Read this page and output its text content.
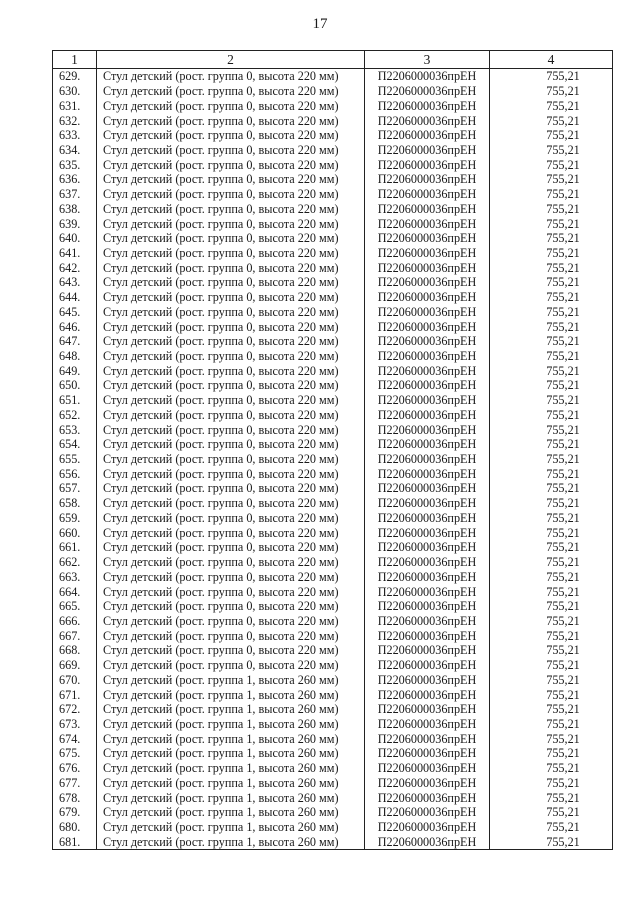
17
1	2	3	4
629.	Стул детский (рост. группа 0, высота 220 мм)	П2206000036прЕН	755,21
630.	Стул детский (рост. группа 0, высота 220 мм)	П2206000036прЕН	755,21
631.	Стул детский (рост. группа 0, высота 220 мм)	П2206000036прЕН	755,21
632.	Стул детский (рост. группа 0, высота 220 мм)	П2206000036прЕН	755,21
633.	Стул детский (рост. группа 0, высота 220 мм)	П2206000036прЕН	755,21
634.	Стул детский (рост. группа 0, высота 220 мм)	П2206000036прЕН	755,21
635.	Стул детский (рост. группа 0, высота 220 мм)	П2206000036прЕН	755,21
636.	Стул детский (рост. группа 0, высота 220 мм)	П2206000036прЕН	755,21
637.	Стул детский (рост. группа 0, высота 220 мм)	П2206000036прЕН	755,21
638.	Стул детский (рост. группа 0, высота 220 мм)	П2206000036прЕН	755,21
639.	Стул детский (рост. группа 0, высота 220 мм)	П2206000036прЕН	755,21
640.	Стул детский (рост. группа 0, высота 220 мм)	П2206000036прЕН	755,21
641.	Стул детский (рост. группа 0, высота 220 мм)	П2206000036прЕН	755,21
642.	Стул детский (рост. группа 0, высота 220 мм)	П2206000036прЕН	755,21
643.	Стул детский (рост. группа 0, высота 220 мм)	П2206000036прЕН	755,21
644.	Стул детский (рост. группа 0, высота 220 мм)	П2206000036прЕН	755,21
645.	Стул детский (рост. группа 0, высота 220 мм)	П2206000036прЕН	755,21
646.	Стул детский (рост. группа 0, высота 220 мм)	П2206000036прЕН	755,21
647.	Стул детский (рост. группа 0, высота 220 мм)	П2206000036прЕН	755,21
648.	Стул детский (рост. группа 0, высота 220 мм)	П2206000036прЕН	755,21
649.	Стул детский (рост. группа 0, высота 220 мм)	П2206000036прЕН	755,21
650.	Стул детский (рост. группа 0, высота 220 мм)	П2206000036прЕН	755,21
651.	Стул детский (рост. группа 0, высота 220 мм)	П2206000036прЕН	755,21
652.	Стул детский (рост. группа 0, высота 220 мм)	П2206000036прЕН	755,21
653.	Стул детский (рост. группа 0, высота 220 мм)	П2206000036прЕН	755,21
654.	Стул детский (рост. группа 0, высота 220 мм)	П2206000036прЕН	755,21
655.	Стул детский (рост. группа 0, высота 220 мм)	П2206000036прЕН	755,21
656.	Стул детский (рост. группа 0, высота 220 мм)	П2206000036прЕН	755,21
657.	Стул детский (рост. группа 0, высота 220 мм)	П2206000036прЕН	755,21
658.	Стул детский (рост. группа 0, высота 220 мм)	П2206000036прЕН	755,21
659.	Стул детский (рост. группа 0, высота 220 мм)	П2206000036прЕН	755,21
660.	Стул детский (рост. группа 0, высота 220 мм)	П2206000036прЕН	755,21
661.	Стул детский (рост. группа 0, высота 220 мм)	П2206000036прЕН	755,21
662.	Стул детский (рост. группа 0, высота 220 мм)	П2206000036прЕН	755,21
663.	Стул детский (рост. группа 0, высота 220 мм)	П2206000036прЕН	755,21
664.	Стул детский (рост. группа 0, высота 220 мм)	П2206000036прЕН	755,21
665.	Стул детский (рост. группа 0, высота 220 мм)	П2206000036прЕН	755,21
666.	Стул детский (рост. группа 0, высота 220 мм)	П2206000036прЕН	755,21
667.	Стул детский (рост. группа 0, высота 220 мм)	П2206000036прЕН	755,21
668.	Стул детский (рост. группа 0, высота 220 мм)	П2206000036прЕН	755,21
669.	Стул детский (рост. группа 0, высота 220 мм)	П2206000036прЕН	755,21
670.	Стул детский (рост. группа 1, высота 260 мм)	П2206000036прЕН	755,21
671.	Стул детский (рост. группа 1, высота 260 мм)	П2206000036прЕН	755,21
672.	Стул детский (рост. группа 1, высота 260 мм)	П2206000036прЕН	755,21
673.	Стул детский (рост. группа 1, высота 260 мм)	П2206000036прЕН	755,21
674.	Стул детский (рост. группа 1, высота 260 мм)	П2206000036прЕН	755,21
675.	Стул детский (рост. группа 1, высота 260 мм)	П2206000036прЕН	755,21
676.	Стул детский (рост. группа 1, высота 260 мм)	П2206000036прЕН	755,21
677.	Стул детский (рост. группа 1, высота 260 мм)	П2206000036прЕН	755,21
678.	Стул детский (рост. группа 1, высота 260 мм)	П2206000036прЕН	755,21
679.	Стул детский (рост. группа 1, высота 260 мм)	П2206000036прЕН	755,21
680.	Стул детский (рост. группа 1, высота 260 мм)	П2206000036прЕН	755,21
681.	Стул детский (рост. группа 1, высота 260 мм)	П2206000036прЕН	755,21
